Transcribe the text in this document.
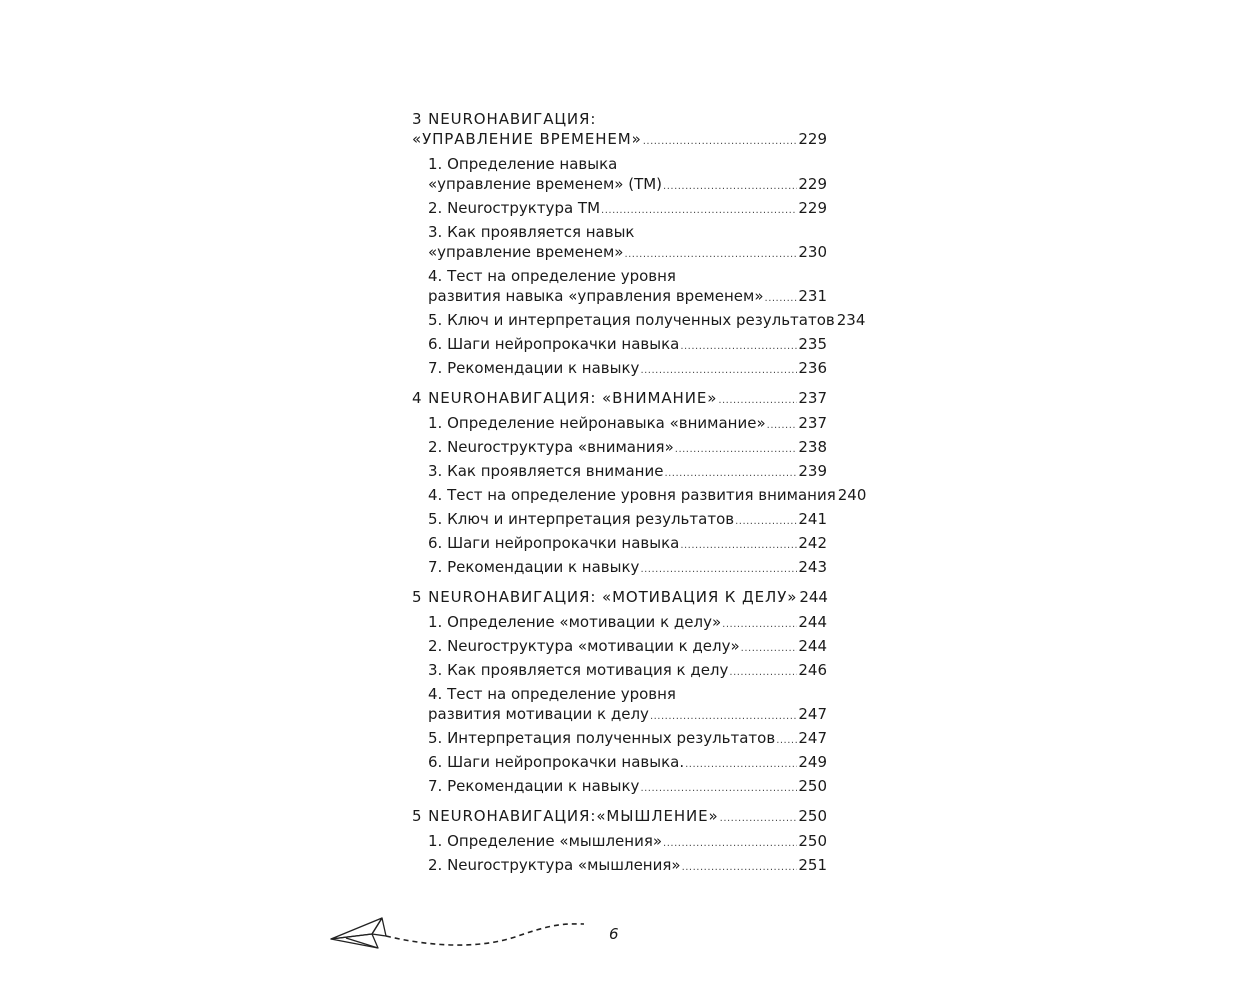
3 NEURОНАВИГАЦИЯ:
«УПРАВЛЕНИЕ ВРЕМЕНЕМ» .....	229
1. Определение навыка
«управление временем» (ТМ) .....	229
2. Neurоструктура ТМ .....	229
3. Как проявляется навык
«управление временем» .....	230
4. Тест на определение уровня
развития навыка «управления временем» ..... 231
5. Ключ и интерпретация полученных результатов 234
6. Шаги нейропрокачки навыка .....	235
7. Рекомендации к навыку .....	236
4 NEURОНАВИГАЦИЯ: «ВНИМАНИЕ» .....	237
1. Определение нейронавыка «внимание» ..... 237
2. Neurоструктура «внимания» .....	238
3. Как проявляется внимание .....	239
4. Тест на определение уровня развития внимания 240
5. Ключ и интерпретация результатов .....	241
6. Шаги нейропрокачки навыка .....	242
7. Рекомендации к навыку .....	243
5 NEURОНАВИГАЦИЯ: «МОТИВАЦИЯ К ДЕЛУ» 244
1. Определение «мотивации к делу» .....	244
2. Neurоструктура «мотивации к делу» .....	244
3. Как проявляется мотивация к делу .....	246
4. Тест на определение уровня
развития мотивации к делу .....	247
5. Интерпретация полученных результатов ..... 247
6. Шаги нейропрокачки навыка. .....	249
7. Рекомендации к навыку .....	250
5 NEURОНАВИГАЦИЯ:«МЫШЛЕНИЕ» .....	250
1. Определение «мышления» .....	250
2. Neurоструктура «мышления» .....	251
6
